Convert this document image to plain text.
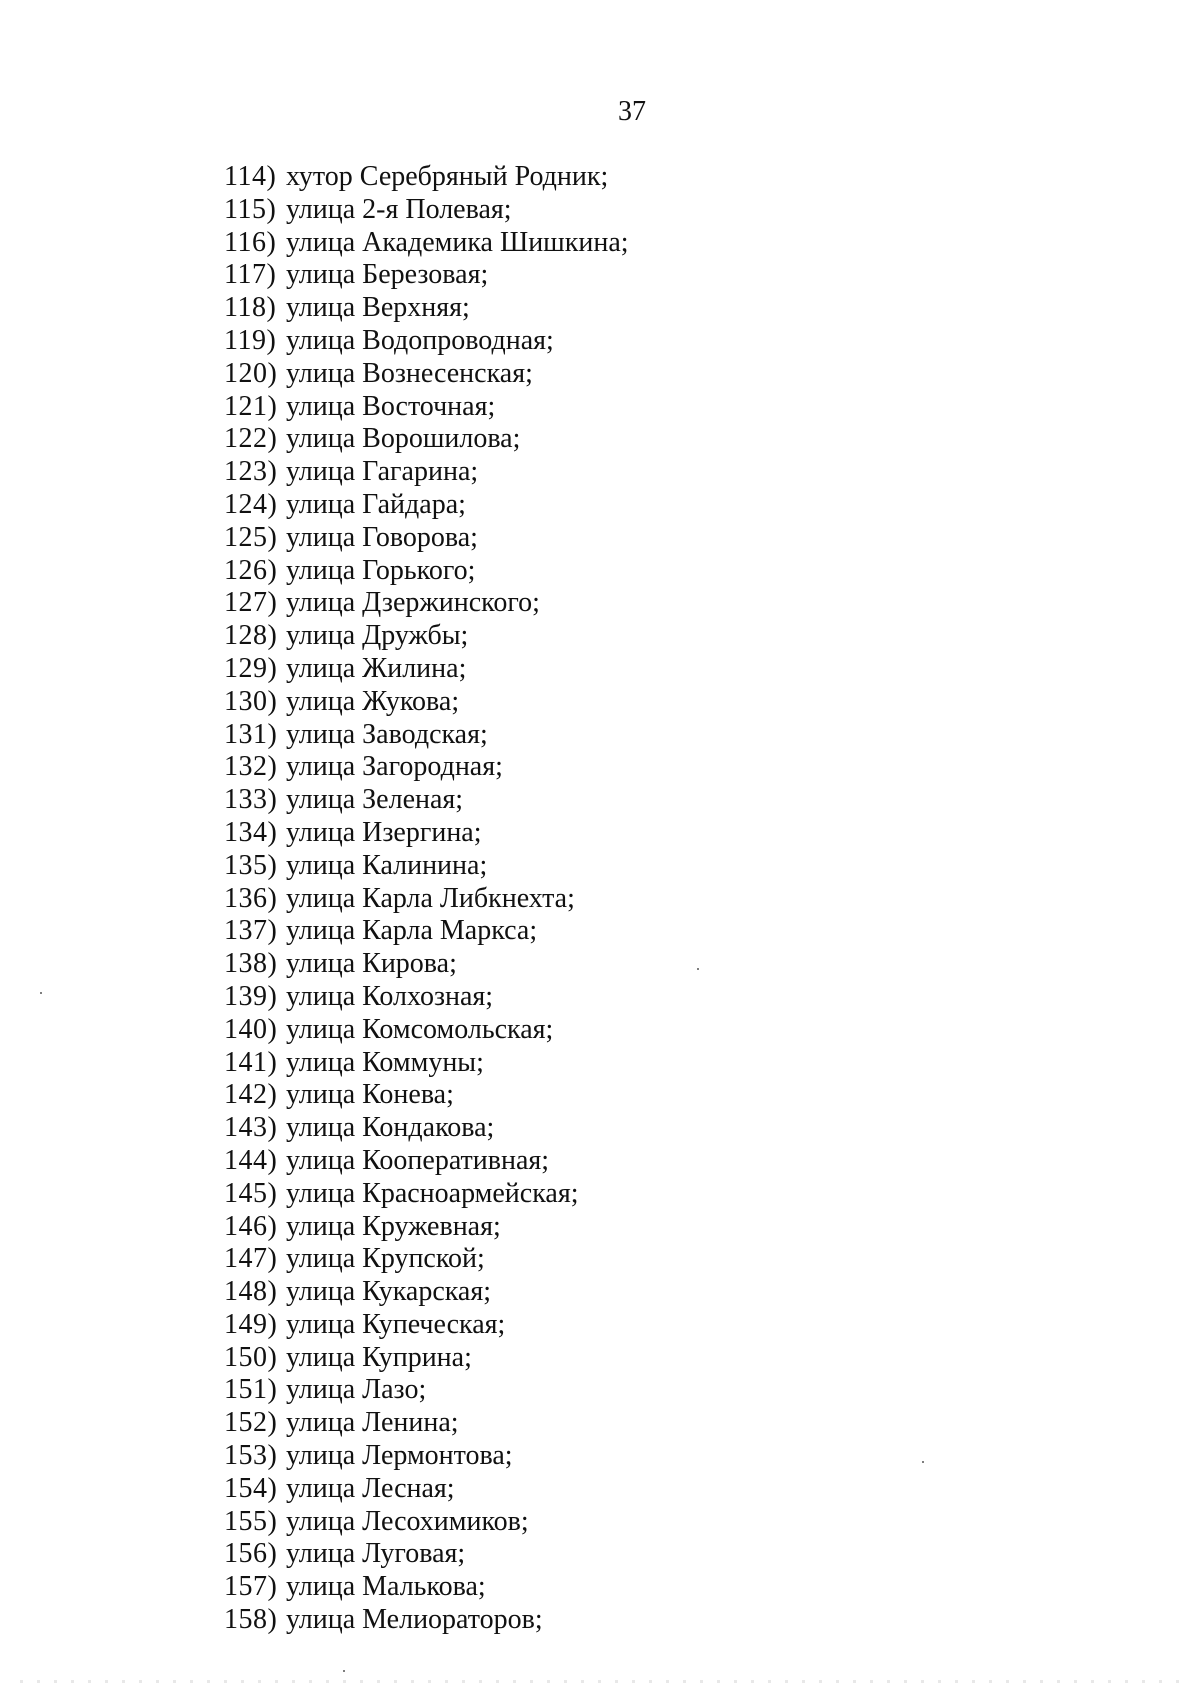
37
114) хутор Серебряный Родник;
115) улица 2-я Полевая;
116) улица Академика Шишкина;
117) улица Березовая;
118) улица Верхняя;
119) улица Водопроводная;
120) улица Вознесенская;
121) улица Восточная;
122) улица Ворошилова;
123) улица Гагарина;
124) улица Гайдара;
125) улица Говорова;
126) улица Горького;
127) улица Дзержинского;
128) улица Дружбы;
129) улица Жилина;
130) улица Жукова;
131) улица Заводская;
132) улица Загородная;
133) улица Зеленая;
134) улица Изергина;
135) улица Калинина;
136) улица Карла Либкнехта;
137) улица Карла Маркса;
138) улица Кирова;
139) улица Колхозная;
140) улица Комсомольская;
141) улица Коммуны;
142) улица Конева;
143) улица Кондакова;
144) улица Кооперативная;
145) улица Красноармейская;
146) улица Кружевная;
147) улица Крупской;
148) улица Кукарская;
149) улица Купеческая;
150) улица Куприна;
151) улица Лазо;
152) улица Ленина;
153) улица Лермонтова;
154) улица Лесная;
155) улица Лесохимиков;
156) улица Луговая;
157) улица Малькова;
158) улица Мелиораторов;
